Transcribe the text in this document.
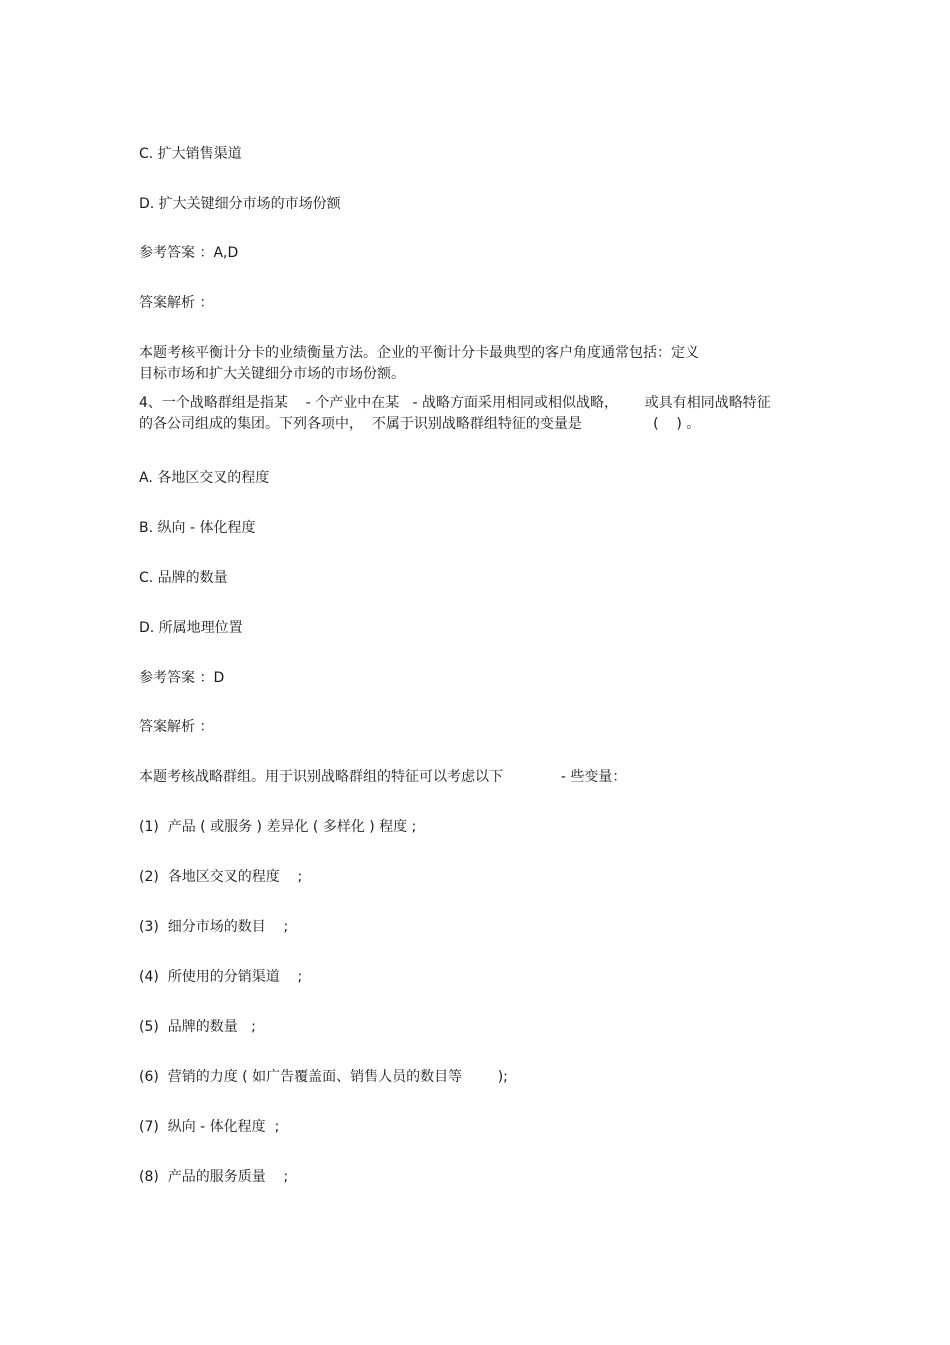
C. 扩大销售渠道
D. 扩大关键细分市场的市场份额
参考答案 ：A,D
答案解析 ：
本题考核平衡计分卡的业绩衡量方法。企业的平衡计分卡最典型的客户角度通常包括：定义
目标市场和扩大关键细分市场的市场份额。
4、一个战略群组是指某    - 个产业中在某   - 战略方面采用相同或相似战略，      或具有相同战略特征
的各公司组成的集团。下列各项中，  不属于识别战略群组特征的变量是                (    ) 。
A. 各地区交叉的程度
B. 纵向 - 体化程度
C. 品牌的数量
D. 所属地理位置
参考答案 ：D
答案解析 ：
本题考核战略群组。用于识别战略群组的特征可以考虑以下             - 些变量：
(1)  产品 ( 或服务 ) 差异化 ( 多样化 ) 程度 ;
(2)  各地区交叉的程度    ;
(3)  细分市场的数目    ;
(4)  所使用的分销渠道    ;
(5)  品牌的数量   ;
(6)  营销的力度 ( 如广告覆盖面、销售人员的数目等        );
(7)  纵向 - 体化程度  ;
(8)  产品的服务质量    ;
